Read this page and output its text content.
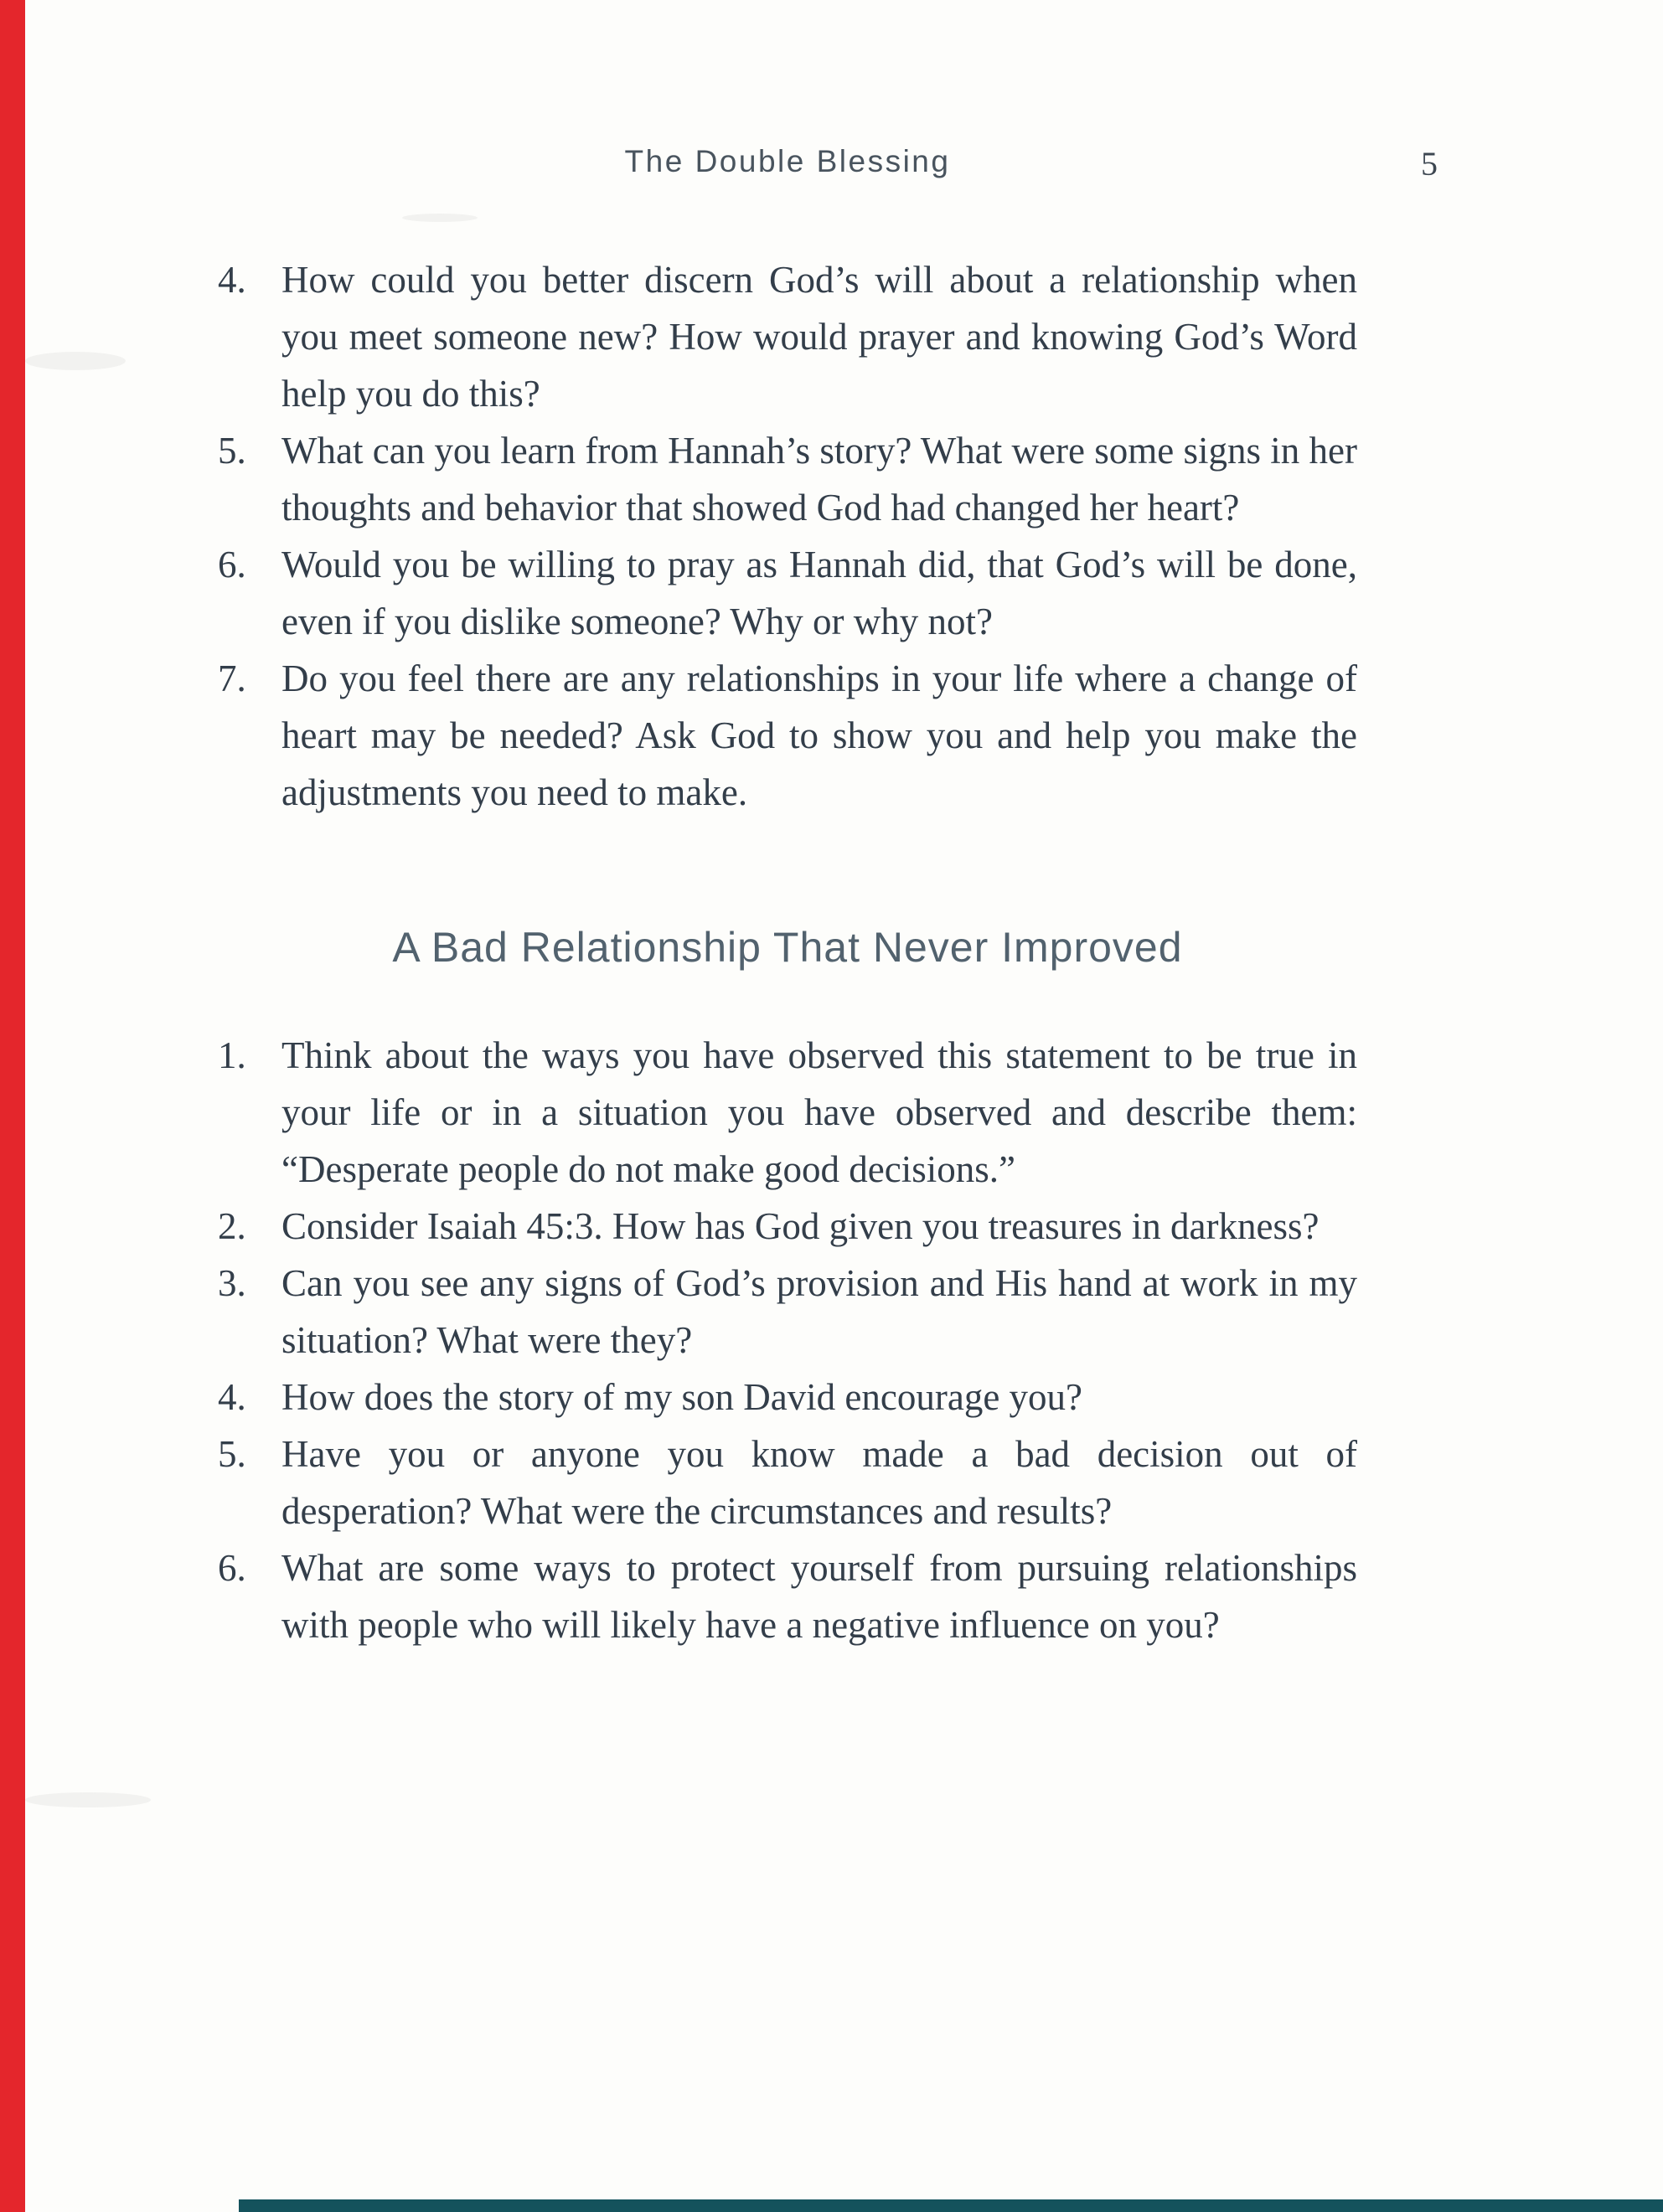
The Double Blessing	5
4. How could you better discern God’s will about a relationship when you meet someone new? How would prayer and knowing God’s Word help you do this?
5. What can you learn from Hannah’s story? What were some signs in her thoughts and behavior that showed God had changed her heart?
6. Would you be willing to pray as Hannah did, that God’s will be done, even if you dislike someone? Why or why not?
7. Do you feel there are any relationships in your life where a change of heart may be needed? Ask God to show you and help you make the adjustments you need to make.
A Bad Relationship That Never Improved
1. Think about the ways you have observed this statement to be true in your life or in a situation you have observed and describe them: “Desperate people do not make good decisions.”
2. Consider Isaiah 45:3. How has God given you treasures in darkness?
3. Can you see any signs of God’s provision and His hand at work in my situation? What were they?
4. How does the story of my son David encourage you?
5. Have you or anyone you know made a bad decision out of desperation? What were the circumstances and results?
6. What are some ways to protect yourself from pursuing relationships with people who will likely have a negative influence on you?
